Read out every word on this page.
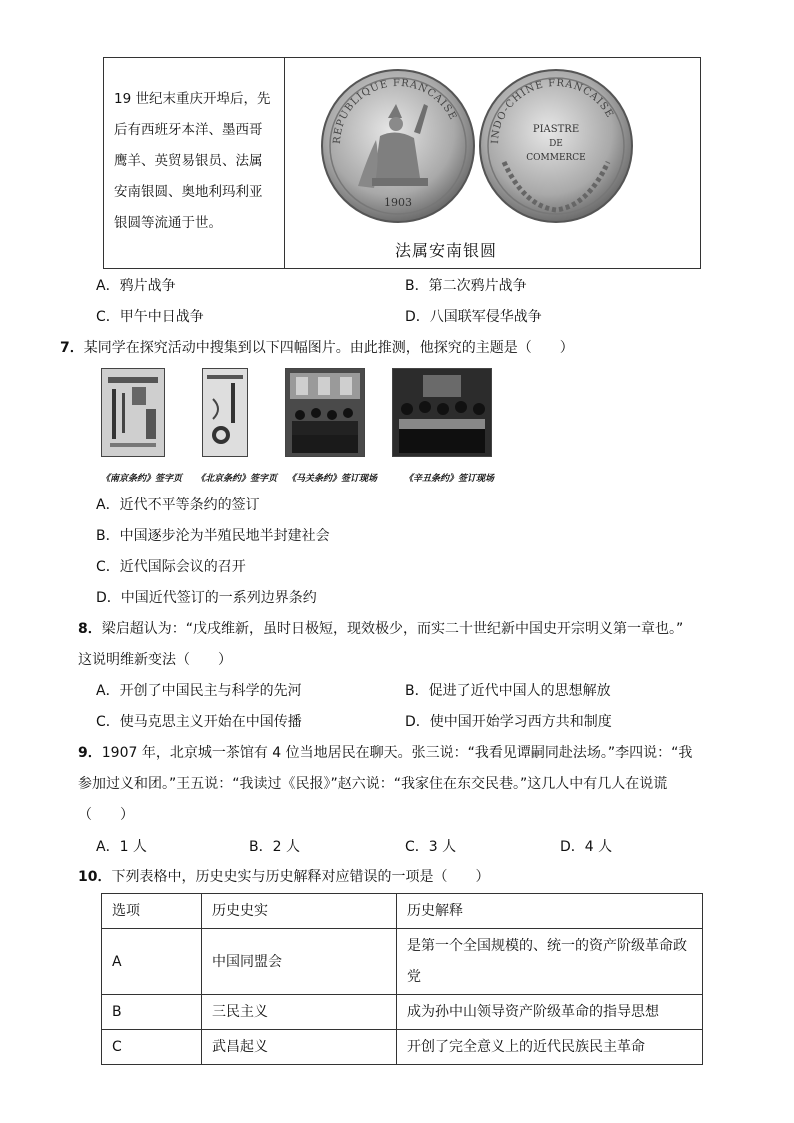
19 世纪末重庆开埠后，先
后有西班牙本洋、墨西哥
鹰羊、英贸易银员、法属
安南银圆、奥地利玛利亚
银圆等流通于世。
REPUBLIQUE FRANCAISE
1903
INDO-CHINE FRANCAISE
PIASTRE
DE
COMMERCE
法属安南银圆
A．鸦片战争	B．第二次鸦片战争
C．甲午中日战争	D．八国联军侵华战争
7．某同学在探究活动中搜集到以下四幅图片。由此推测，他探究的主题是（　　）
《南京条约》签字页 《北京条约》签字页 《马关条约》签订现场	《辛丑条约》签订现场
A．近代不平等条约的签订
B．中国逐步沦为半殖民地半封建社会
C．近代国际会议的召开
D．中国近代签订的一系列边界条约
8．梁启超认为：“戊戌维新，虽时日极短，现效极少，而实二十世纪新中国史开宗明义第一章也。”
这说明维新变法（　　）
A．开创了中国民主与科学的先河	B．促进了近代中国人的思想解放
C．使马克思主义开始在中国传播	D．使中国开始学习西方共和制度
9．1907 年，北京城一茶馆有 4 位当地居民在聊天。张三说：“我看见谭嗣同赴法场。”李四说：“我
参加过义和团。”王五说：“我读过《民报》”赵六说：“我家住在东交民巷。”这几人中有几人在说谎
（　　）
A．1 人	B．2 人	C．3 人	D．4 人
10．下列表格中，历史史实与历史解释对应错误的一项是（　　）
选项	历史史实	历史解释
A	中国同盟会	是第一个全国规模的、统一的资产阶级革命政党
B	三民主义	成为孙中山领导资产阶级革命的指导思想
C	武昌起义	开创了完全意义上的近代民族民主革命
